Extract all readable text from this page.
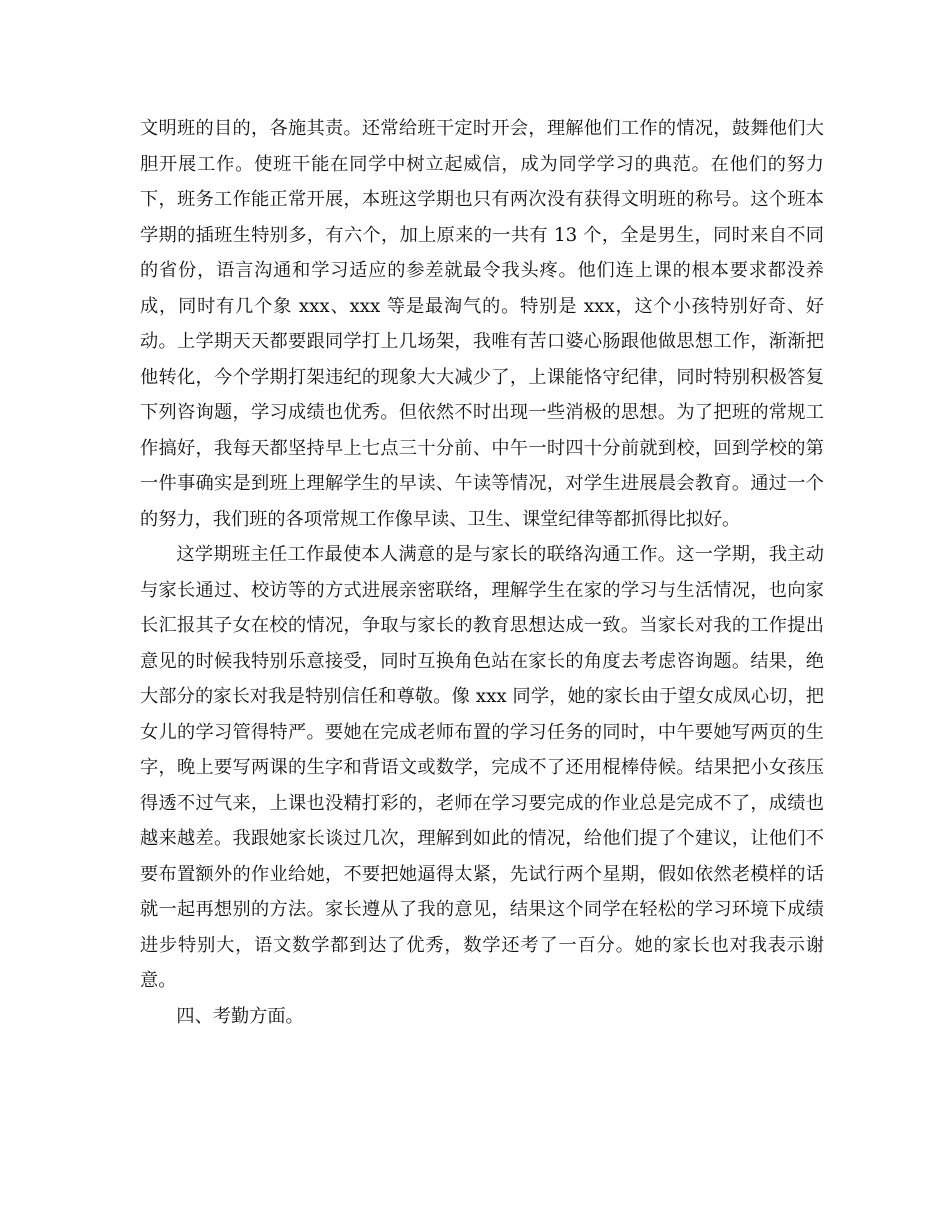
文明班的目的，各施其责。还常给班干定时开会，理解他们工作的情况，鼓舞他们大胆开展工作。使班干能在同学中树立起威信，成为同学学习的典范。在他们的努力下，班务工作能正常开展，本班这学期也只有两次没有获得文明班的称号。这个班本学期的插班生特别多，有六个，加上原来的一共有 13 个，全是男生，同时来自不同的省份，语言沟通和学习适应的参差就最令我头疼。他们连上课的根本要求都没养成，同时有几个象 xxx、xxx 等是最淘气的。特别是 xxx，这个小孩特别好奇、好动。上学期天天都要跟同学打上几场架，我唯有苦口婆心肠跟他做思想工作，渐渐把他转化，今个学期打架违纪的现象大大减少了，上课能恪守纪律，同时特别积极答复下列咨询题，学习成绩也优秀。但依然不时出现一些消极的思想。为了把班的常规工作搞好，我每天都坚持早上七点三十分前、中午一时四十分前就到校，回到学校的第一件事确实是到班上理解学生的早读、午读等情况，对学生进展晨会教育。通过一个的努力，我们班的各项常规工作像早读、卫生、课堂纪律等都抓得比拟好。

这学期班主任工作最使本人满意的是与家长的联络沟通工作。这一学期，我主动与家长通过、校访等的方式进展亲密联络，理解学生在家的学习与生活情况，也向家长汇报其子女在校的情况，争取与家长的教育思想达成一致。当家长对我的工作提出意见的时候我特别乐意接受，同时互换角色站在家长的角度去考虑咨询题。结果，绝大部分的家长对我是特别信任和尊敬。像 xxx 同学，她的家长由于望女成凤心切，把女儿的学习管得特严。要她在完成老师布置的学习任务的同时，中午要她写两页的生字，晚上要写两课的生字和背语文或数学，完成不了还用棍棒侍候。结果把小女孩压得透不过气来，上课也没精打彩的，老师在学习要完成的作业总是完成不了，成绩也越来越差。我跟她家长谈过几次，理解到如此的情况，给他们提了个建议，让他们不要布置额外的作业给她，不要把她逼得太紧，先试行两个星期，假如依然老模样的话就一起再想别的方法。家长遵从了我的意见，结果这个同学在轻松的学习环境下成绩进步特别大，语文数学都到达了优秀，数学还考了一百分。她的家长也对我表示谢意。

四、考勤方面。
